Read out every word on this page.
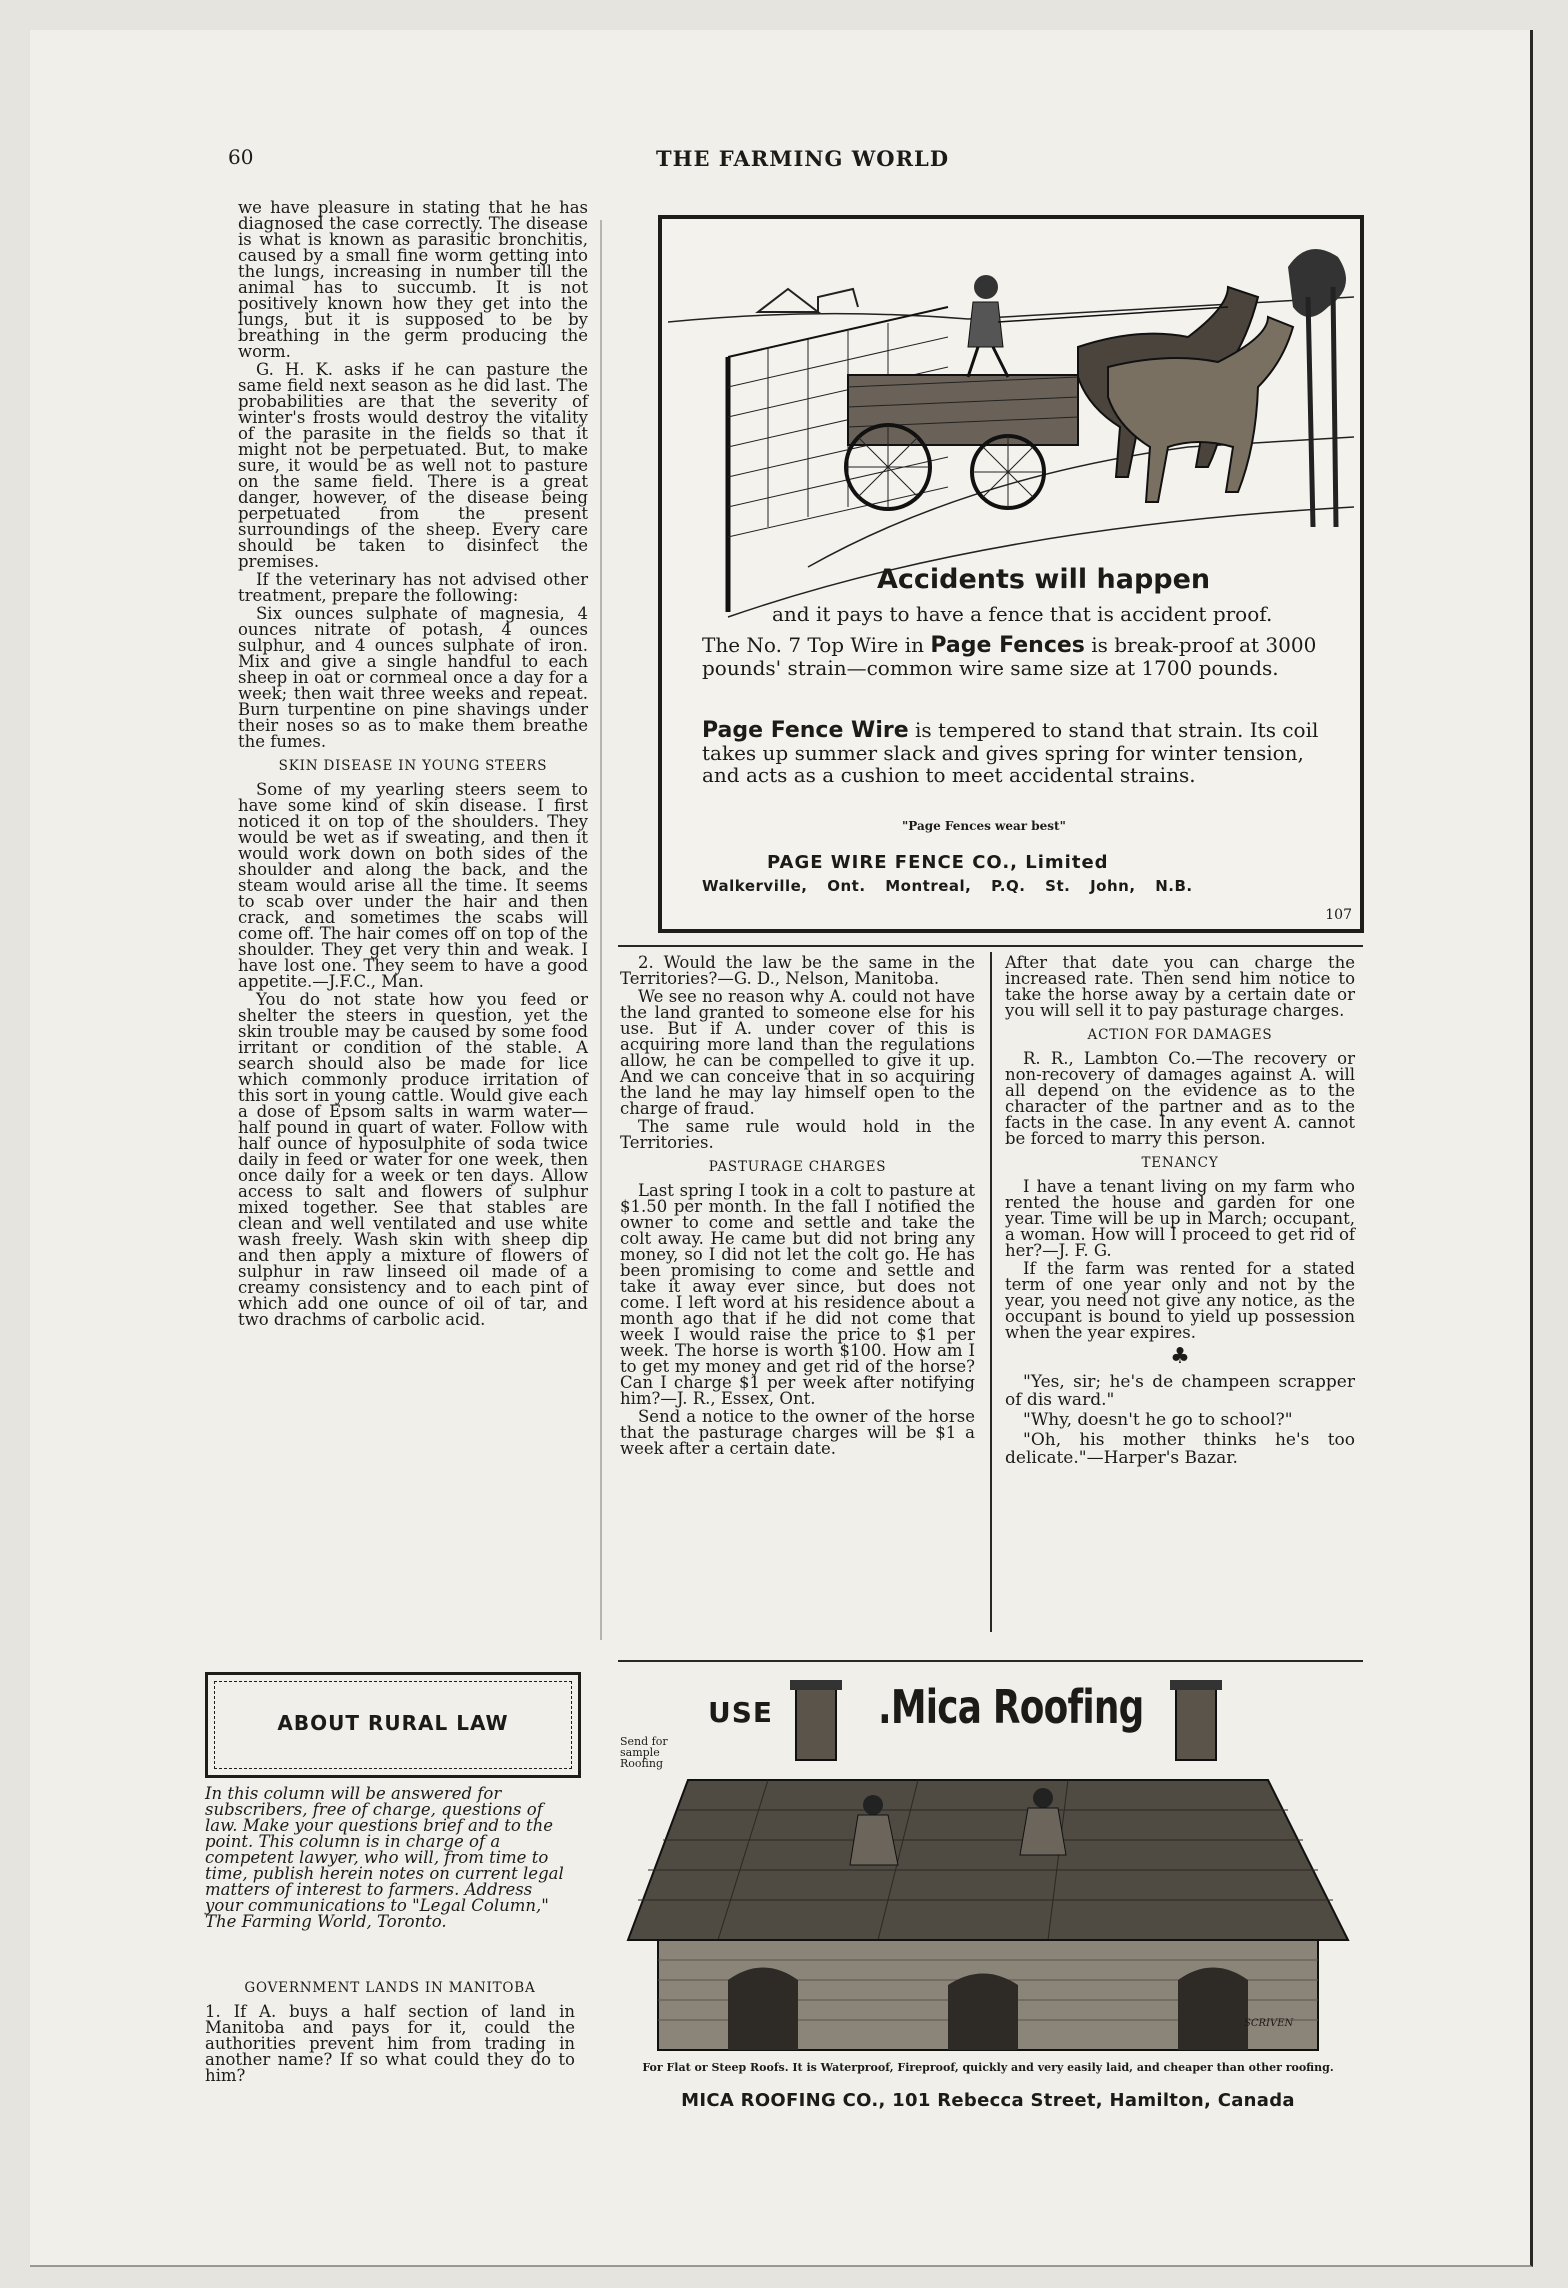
60	THE FARMING WORLD

we have pleasure in stating that he has diagnosed the case correctly. The disease is what is known as parasitic bronchitis, caused by a small fine worm getting into the lungs, increasing in number till the animal has to succumb. It is not positively known how they get into the lungs, but it is supposed to be by breathing in the germ producing the worm.

G. H. K. asks if he can pasture the same field next season as he did last. The probabilities are that the severity of winter's frosts would destroy the vitality of the parasite in the fields so that it might not be perpetuated. But, to make sure, it would be as well not to pasture on the same field. There is a great danger, however, of the disease being perpetuated from the present surroundings of the sheep. Every care should be taken to disinfect the premises.

If the veterinary has not advised other treatment, prepare the following:

Six ounces sulphate of magnesia, 4 ounces nitrate of potash, 4 ounces sulphur, and 4 ounces sulphate of iron. Mix and give a single handful to each sheep in oat or cornmeal once a day for a week; then wait three weeks and repeat. Burn turpentine on pine shavings under their noses so as to make them breathe the fumes.

SKIN DISEASE IN YOUNG STEERS

Some of my yearling steers seem to have some kind of skin disease. I first noticed it on top of the shoulders. They would be wet as if sweating, and then it would work down on both sides of the shoulder and along the back, and the steam would arise all the time. It seems to scab over under the hair and then crack, and sometimes the scabs will come off. The hair comes off on top of the shoulder. They get very thin and weak. I have lost one. They seem to have a good appetite.—J.F.C., Man.

You do not state how you feed or shelter the steers in question, yet the skin trouble may be caused by some food irritant or condition of the stable. A search should also be made for lice which commonly produce irritation of this sort in young cattle. Would give each a dose of Epsom salts in warm water—half pound in quart of water. Follow with half ounce of hyposulphite of soda twice daily in feed or water for one week, then once daily for a week or ten days. Allow access to salt and flowers of sulphur mixed together. See that stables are clean and well ventilated and use white wash freely. Wash skin with sheep dip and then apply a mixture of flowers of sulphur in raw linseed oil made of a creamy consistency and to each pint of which add one ounce of oil of tar, and two drachms of carbolic acid.

Accidents will happen
and it pays to have a fence that is accident proof.
The No. 7 Top Wire in Page Fences is break-proof at 3000 pounds' strain—common wire same size at 1700 pounds.
Page Fence Wire is tempered to stand that strain. Its coil takes up summer slack and gives spring for winter tension, and acts as a cushion to meet accidental strains.
"Page Fences wear best"
PAGE WIRE FENCE CO., Limited
Walkerville, Ont. Montreal, P.Q. St. John, N.B.
107

2. Would the law be the same in the Territories?—G. D., Nelson, Manitoba.

We see no reason why A. could not have the land granted to someone else for his use. But if A. under cover of this is acquiring more land than the regulations allow, he can be compelled to give it up. And we can conceive that in so acquiring the land he may lay himself open to the charge of fraud.

The same rule would hold in the Territories.

PASTURAGE CHARGES

Last spring I took in a colt to pasture at $1.50 per month. In the fall I notified the owner to come and settle and take the colt away. He came but did not bring any money, so I did not let the colt go. He has been promising to come and settle and take it away ever since, but does not come. I left word at his residence about a month ago that if he did not come that week I would raise the price to $1 per week. The horse is worth $100. How am I to get my money and get rid of the horse? Can I charge $1 per week after notifying him?—J. R., Essex, Ont.

Send a notice to the owner of the horse that the pasturage charges will be $1 a week after a certain date.

After that date you can charge the increased rate. Then send him notice to take the horse away by a certain date or you will sell it to pay pasturage charges.

ACTION FOR DAMAGES

R. R., Lambton Co.—The recovery or non-recovery of damages against A. will all depend on the evidence as to the character of the partner and as to the facts in the case. In any event A. cannot be forced to marry this person.

TENANCY

I have a tenant living on my farm who rented the house and garden for one year. Time will be up in March; occupant, a woman. How will I proceed to get rid of her?—J. F. G.

If the farm was rented for a stated term of one year only and not by the year, you need not give any notice, as the occupant is bound to yield up possession when the year expires.

♣

"Yes, sir; he's de champeen scrapper of dis ward."

"Why, doesn't he go to school?"

"Oh, his mother thinks he's too delicate."—Harper's Bazar.

ABOUT RURAL LAW
In this column will be answered for subscribers, free of charge, questions of law. Make your questions brief and to the point. This column is in charge of a competent lawyer, who will, from time to time, publish herein notes on current legal matters of interest to farmers. Address your communications to "Legal Column," The Farming World, Toronto.
GOVERNMENT LANDS IN MANITOBA

1. If A. buys a half section of land in Manitoba and pays for it, could the authorities prevent him from trading in another name? If so what could they do to him?

USE .Mica Roofing
Send for sample Roofing
SCRIVEN
For Flat or Steep Roofs. It is Waterproof, Fireproof, quickly and very easily laid, and cheaper than other roofing.
MICA ROOFING CO., 101 Rebecca Street, Hamilton, Canada
